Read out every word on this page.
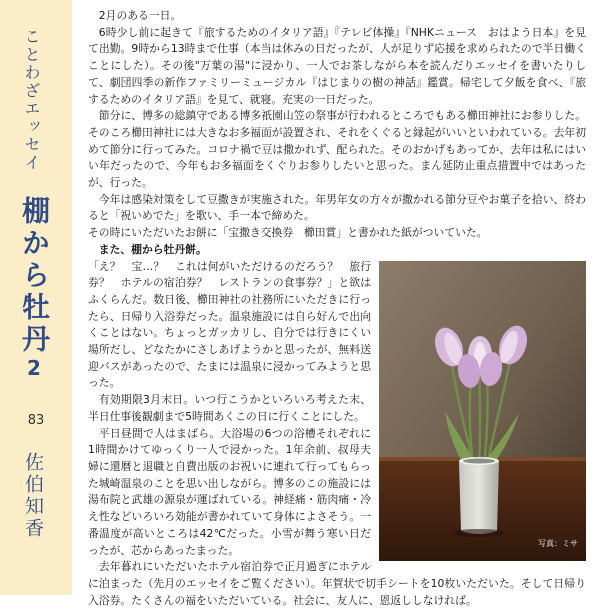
ことわざエッセイ
棚から牡丹2
83
佐伯知香

 2月のある一日。

6時少し前に起きて『旅するためのイタリア語』『テレビ体操』『NHKニュース　おはよう日本』を見て出勤。9時から13時まで仕事（本当は休みの日だったが、人が足りず応援を求められたので半日働くことにした）。その後"万葉の湯"に浸かり、一人でお茶しながら本を読んだりエッセイを書いたりして、劇団四季の新作ファミリーミュージカル『はじまりの樹の神話』鑑賞。帰宅して夕飯を食べ、『旅するためのイタリア語』を見て、就寝。充実の一日だった。

節分に、博多の総鎮守である博多祇園山笠の祭事が行われるところでもある櫛田神社にお参りした。そのころ櫛田神社には大きなお多福面が設置され、それをくぐると縁起がいいといわれている。去年初めて節分に行ってみた。コロナ禍で豆は撒かれず、配られた。そのおかげもあってか、去年は私にはいい年だったので、今年もお多福面をくぐりお参りしたいと思った。まん延防止重点措置中ではあったが、行った。

今年は感染対策をして豆撒きが実施された。年男年女の方々が撒かれる節分豆やお菓子を拾い、終わると「祝いめでた」を歌い、手一本で締めた。

その時にいただいたお餅に「宝撒き交換券　櫛田賞」と書かれた紙がついていた。

また、棚から牡丹餅。

写真：ミサ
「え？　宝…？　これは何がいただけるのだろう？　旅行券？　ホテルの宿泊券？　レストランの食事券？」と欲はふくらんだ。数日後、櫛田神社の社務所にいただきに行ったら、日帰り入浴券だった。温泉施設には自ら好んで出向くことはない。ちょっとガッカリし、自分では行きにくい場所だし、どなたかにさしあげようかと思ったが、無料送迎バスがあったので、たまには温泉に浸かってみようと思った。

有効期限3月末日。いつ行こうかといろいろ考えた末、半日仕事後観劇まで5時間あくこの日に行くことにした。

平日昼間で人はまばら。大浴場の6つの浴槽それぞれに1時間かけてゆっくり一人で浸かった。1年余前、叔母夫婦に還暦と退職と自費出版のお祝いに連れて行ってもらった城崎温泉のことを思い出しながら。博多のこの施設には湯布院と武雄の源泉が運ばれている。神経痛・筋肉痛・冷え性などいろいろ効能が書かれていて身体によさそう。一番温度が高いところは42℃だった。小雪が舞う寒い日だったが、芯からあったまった。

去年暮れにいただいたホテル宿泊券で正月過ぎにホテルに泊まった（先月のエッセイをご覧ください）。年賀状で切手シートを10枚いただいた。そして日帰り入浴券。たくさんの福をいただいている。社会に、友人に、恩返ししなければ。
